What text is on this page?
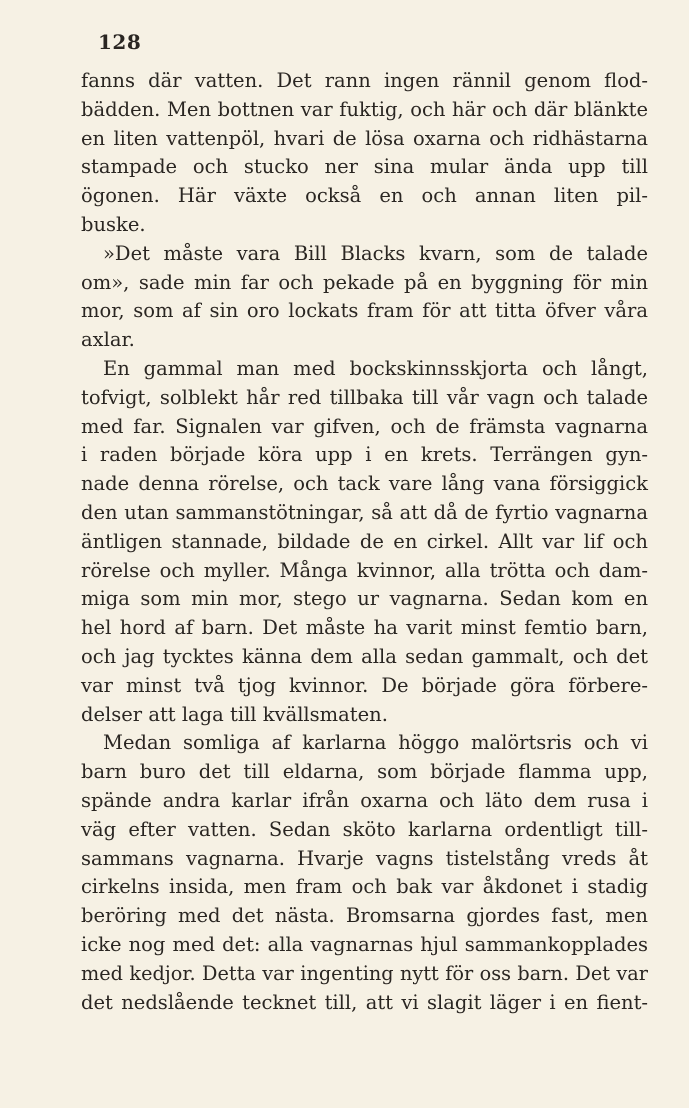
128
fanns där vatten. Det rann ingen rännil genom flod-
bädden. Men bottnen var fuktig, och här och där blänkte
en liten vattenpöl, hvari de lösa oxarna och ridhästarna
stampade och stucko ner sina mular ända upp till
ögonen. Här växte också en och annan liten pil-
buske.
»Det måste vara Bill Blacks kvarn, som de talade
om», sade min far och pekade på en byggning för min
mor, som af sin oro lockats fram för att titta öfver våra
axlar.
En gammal man med bockskinnsskjorta och långt,
tofvigt, solblekt hår red tillbaka till vår vagn och talade
med far. Signalen var gifven, och de främsta vagnarna
i raden började köra upp i en krets. Terrängen gyn-
nade denna rörelse, och tack vare lång vana försiggick
den utan sammanstötningar, så att då de fyrtio vagnarna
äntligen stannade, bildade de en cirkel. Allt var lif och
rörelse och myller. Många kvinnor, alla trötta och dam-
miga som min mor, stego ur vagnarna. Sedan kom en
hel hord af barn. Det måste ha varit minst femtio barn,
och jag tycktes känna dem alla sedan gammalt, och det
var minst två tjog kvinnor. De började göra förbere-
delser att laga till kvällsmaten.
Medan somliga af karlarna höggo malörtsris och vi
barn buro det till eldarna, som började flamma upp,
spände andra karlar ifrån oxarna och läto dem rusa i
väg efter vatten. Sedan sköto karlarna ordentligt till-
sammans vagnarna. Hvarje vagns tistelstång vreds åt
cirkelns insida, men fram och bak var åkdonet i stadig
beröring med det nästa. Bromsarna gjordes fast, men
icke nog med det: alla vagnarnas hjul sammankopplades
med kedjor. Detta var ingenting nytt för oss barn. Det var
det nedslående tecknet till, att vi slagit läger i en fient-
